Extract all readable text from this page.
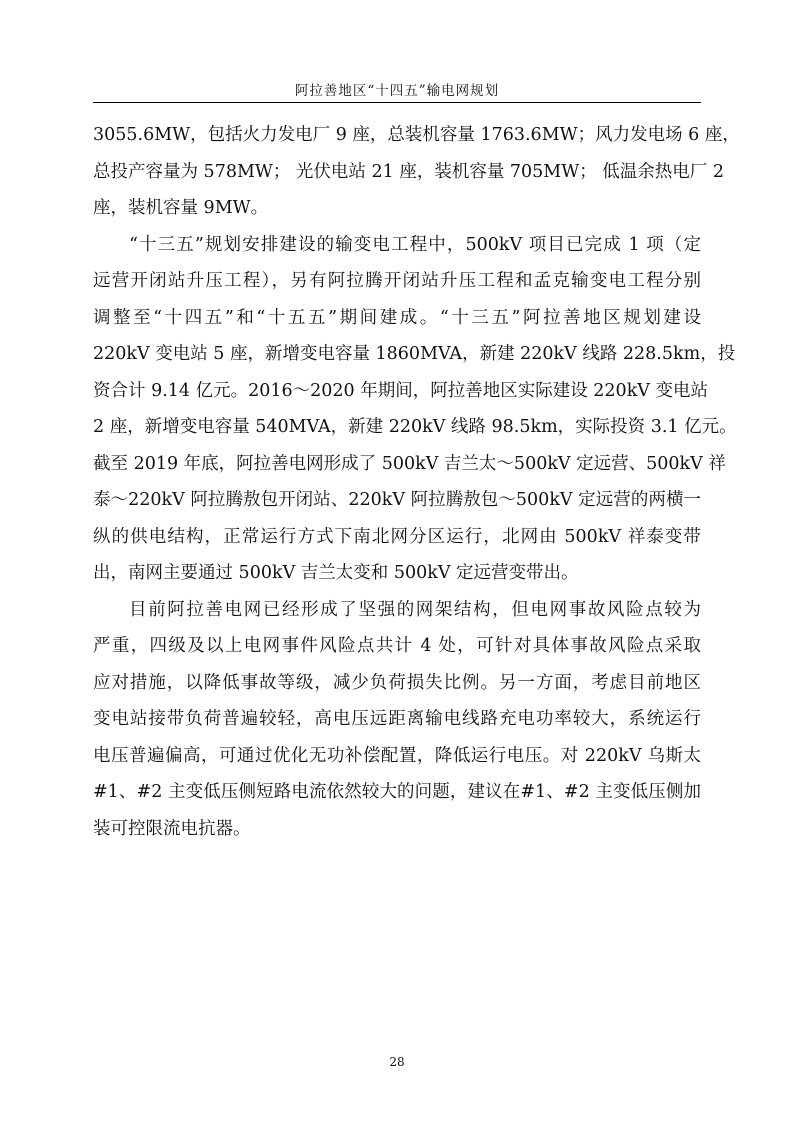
阿拉善地区“十四五”输电网规划
3055.6MW，包括火力发电厂 9 座，总装机容量 1763.6MW；风力发电场 6 座，
总投产容量为 578MW； 光伏电站 21 座，装机容量 705MW； 低温余热电厂 2
座，装机容量 9MW。
“十三五”规划安排建设的输变电工程中，500kV 项目已完成 1 项（定
远营开闭站升压工程），另有阿拉腾开闭站升压工程和孟克输变电工程分别
调整至“十四五”和“十五五”期间建成。“十三五”阿拉善地区规划建设
220kV 变电站 5 座，新增变电容量 1860MVA，新建 220kV 线路 228.5km，投
资合计 9.14 亿元。2016～2020 年期间，阿拉善地区实际建设 220kV 变电站
2 座，新增变电容量 540MVA，新建 220kV 线路 98.5km，实际投资 3.1 亿元。
截至 2019 年底，阿拉善电网形成了 500kV 吉兰太～500kV 定远营、500kV 祥
泰～220kV 阿拉腾敖包开闭站、220kV 阿拉腾敖包～500kV 定远营的两横一
纵的供电结构，正常运行方式下南北网分区运行，北网由 500kV 祥泰变带
出，南网主要通过 500kV 吉兰太变和 500kV 定远营变带出。
目前阿拉善电网已经形成了坚强的网架结构，但电网事故风险点较为
严重，四级及以上电网事件风险点共计 4 处，可针对具体事故风险点采取
应对措施，以降低事故等级，减少负荷损失比例。另一方面，考虑目前地区
变电站接带负荷普遍较轻，高电压远距离输电线路充电功率较大，系统运行
电压普遍偏高，可通过优化无功补偿配置，降低运行电压。对 220kV 乌斯太
#1、#2 主变低压侧短路电流依然较大的问题，建议在#1、#2 主变低压侧加
装可控限流电抗器。
28
